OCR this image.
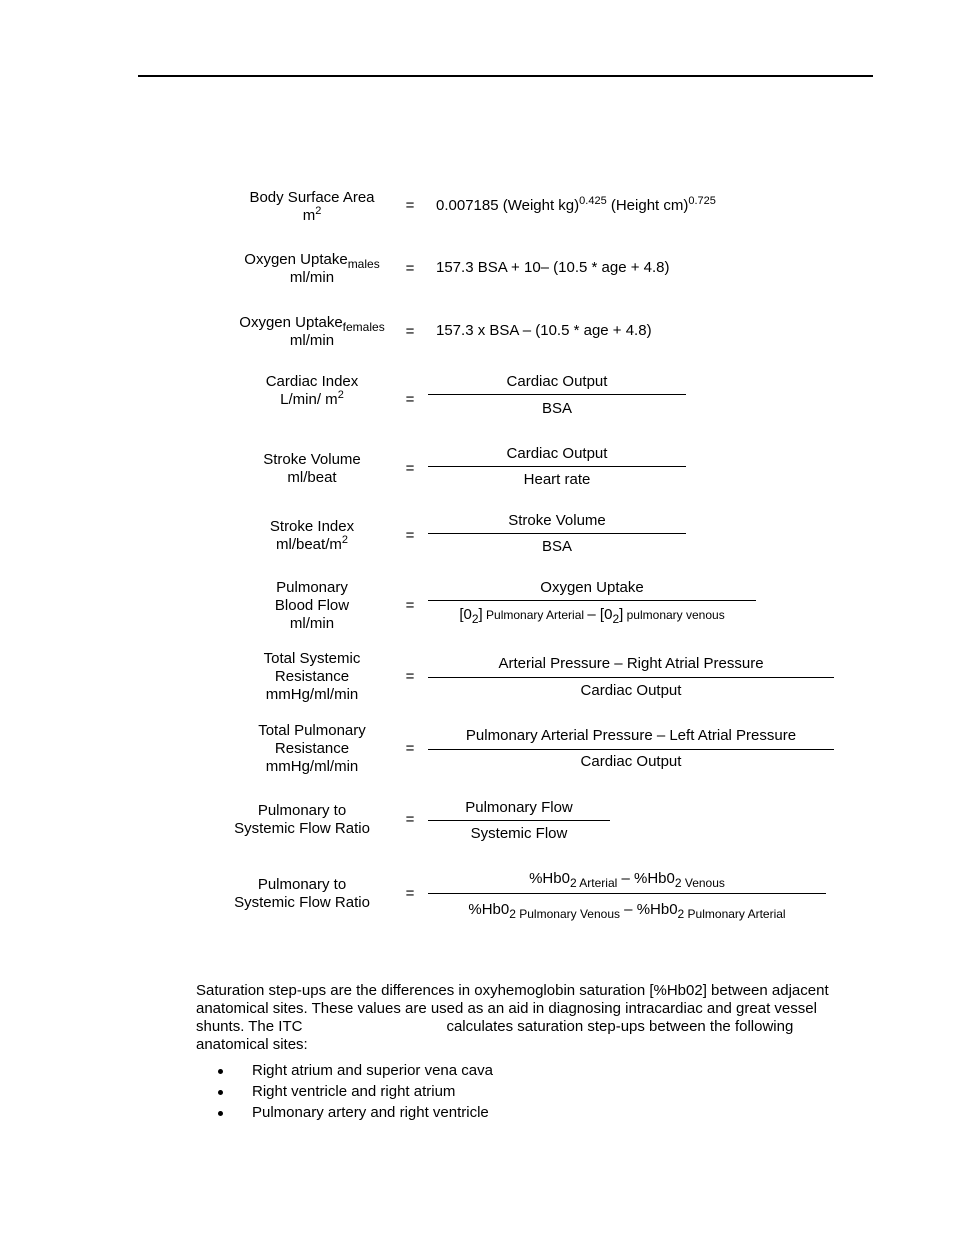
Body Surface Area
$m^2$	= 0.007185 (Weight kg)$^{0.425}$ (Height cm)$^{0.725}$
Oxygen Uptake$_{males}$
ml/min
= 157.3 BSA + 10– (10.5 * age + 4.8)
Oxygen Uptake$_{females}$
ml/min
= 157.3 x BSA – (10.5 * age + 4.8)
Cardiac Index
L/min/ $m^2$	=
Cardiac Output
BSA
Stroke Volume
ml/beat
=
Cardiac Output
Heart rate
Stroke Index
$ml/beat/m^2$	=
Stroke Volume
BSA
Pulmonary
Blood Flow
ml/min
=
Oxygen Uptake
$[0_2]$ Pulmonary Arterial – $[0_2]$ pulmonary venous
Total Systemic
Resistance
mmHg/ml/min
=
Arterial Pressure – Right Atrial Pressure
Cardiac Output
Total Pulmonary
Resistance
mmHg/ml/min
=
Pulmonary Arterial Pressure – Left Atrial Pressure
Cardiac Output
Pulmonary to
Systemic Flow Ratio
=
Pulmonary Flow
Systemic Flow
Pulmonary to
Systemic Flow Ratio
=
$\%Hb0_{2 Arterial} - \%Hb0_{2 Venous}$
$\%Hb0_{2 Pulmonary Venous} - \%Hb0_{2 Pulmonary Arterial}$
Saturation step-ups are the differences in oxyhemoglobin saturation [%Hb02] between adjacent
anatomical sites. These values are used as an aid in diagnosing intracardiac and great vessel
shunts. The ITC	calculates saturation step-ups between the following
anatomical sites:
Right atrium and superior vena cava
Right ventricle and right atrium
Pulmonary artery and right ventricle
